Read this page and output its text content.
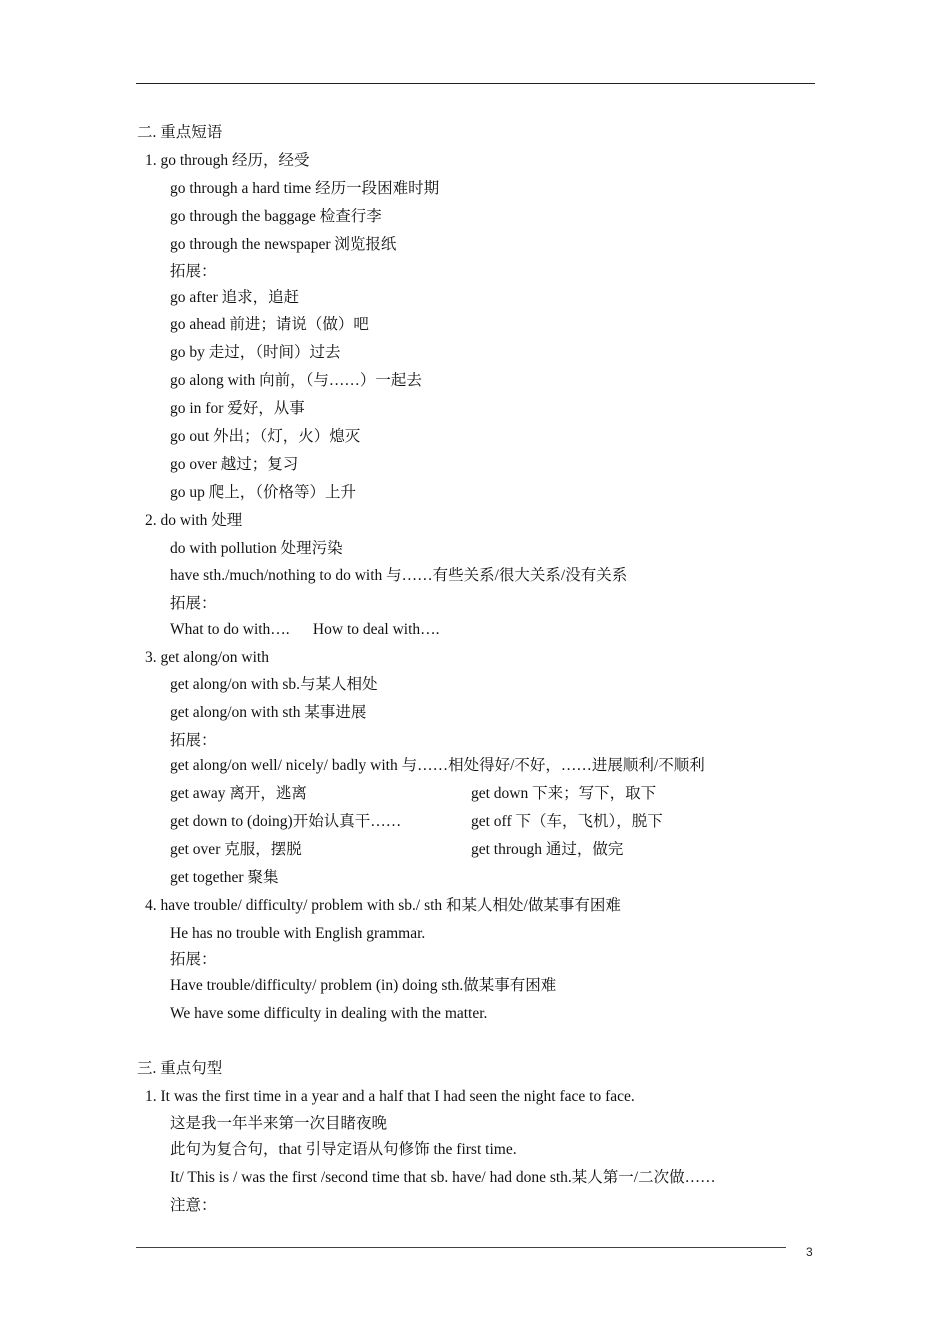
二. 重点短语
1. go through 经历，经受
go through a hard time 经历一段困难时期
go through the baggage 检查行李
go through the newspaper 浏览报纸
拓展：
go after 追求，追赶
go ahead 前进；请说（做）吧
go by 走过，（时间）过去
go along with 向前，（与……）一起去
go in for 爱好，从事
go out 外出；（灯，火）熄灭
go over 越过；复习
go up 爬上，（价格等）上升
2. do with 处理
do with pollution 处理污染
have sth./much/nothing to do with 与……有些关系/很大关系/没有关系
拓展：
What to do with….      How to deal with….
3. get along/on with
get along/on with sb.与某人相处
get along/on with sth 某事进展
拓展：
get along/on well/ nicely/ badly with 与……相处得好/不好，……进展顺利/不顺利
get away 离开，逃离	get down 下来；写下，取下
get down to (doing)开始认真干……	get off 下（车，飞机），脱下
get over 克服，摆脱	get through 通过，做完
get together 聚集
4. have trouble/ difficulty/ problem with sb./ sth 和某人相处/做某事有困难
He has no trouble with English grammar.
拓展：
Have trouble/difficulty/ problem (in) doing sth.做某事有困难
We have some difficulty in dealing with the matter.
三. 重点句型
1. It was the first time in a year and a half that I had seen the night face to face.
这是我一年半来第一次目睹夜晚
此句为复合句，that 引导定语从句修饰 the first time.
It/ This is / was the first /second time that sb. have/ had done sth.某人第一/二次做……
注意：
3
